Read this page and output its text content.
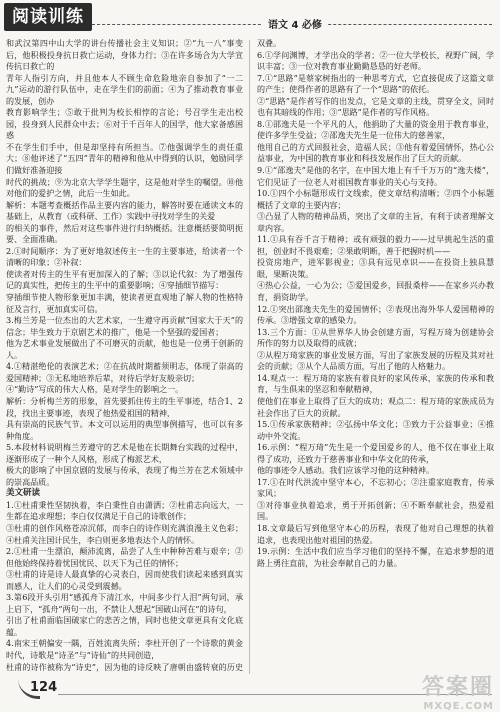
阅读训练	语文 4 必修

和武汉第四中山大学的讲台传播社会主义知识；②“九一八”事变后，他积极投身抗日救亡运动，身体力行；③在许多场合为大学宣传抗日救亡的

青年人指引方向，并且他本人不顾生命危险地亲自参加了“一二九”运动的游行队伍中，走在学生们的前面；④为了推动教育事业的发展，创办

教育影响学生；⑤敢于批判为校长相悖的言论；号召学生走出校园，投身到人民群众中去；⑥对于千百年人的国学，他大家备感困惑

不在学生们手中，但是却坚持有所担当。⑦他强调学生的责任重大；⑧他评述了“五四”青年的精神和他从中得到的认识，勉励同学们做好准备迎接

时代的挑战；⑨为北京大学学生题字，这是他对学生的嘱望。⑩他对他们的爱护之情，此后一生如此。

解析：本题考查概括作品主要内容的能力，解答时要在通读文本的基础上，从教育（或科研、工作）实践中寻找对学生的关爱

的相关的事件，然后对这些事件进行归纳概括。注意概括要简明扼要、全面准确。

2.①时间顺序：为了更好地叙述传主一生的主要事迹，给读者一个清晰的印象；②补叙：

使读者对传主的生平有更加深入的了解；③以论代叙：为了增强传记的真实性，把传主的生平中的重要影响；④穿插细节描写：

穿插细节使人物形象更加丰满，使读者更直观地了解人物的性格特征及言行，更加真实可信。

3.梅兰芳是一位杰出的大艺术家，一生遵守再贡献“国家大于天”的信念；毕生致力于京剧艺术的推广，他是一个坚强的爱国者；

他为艺术事业发展做出了不可磨灭的贡献，他也是一位勇于创新的人。

4.①精湛绝伦的表演艺术；②在抗战时期蓄须明志，体现了崇高的爱国精神；③无私地培养后辈，对待后学好友般亲切；

④“勤诗”写成的伟大人格，是对学生的影响之一。

解析：分析梅兰芳的形象，首先要抓住传主的生平事迹，结合1、2段，找出主要事迹，表现了他热爱祖国的精神，

具有崇高的民族气节。本文可以运用的典型事例描写，也可以有多种角度。

5.本段材料说明梅兰芳遵守的艺术是他在长期舞台实践的过程中，逐渐形成了一种个人风格，形成了梅派艺术，

极大的影响了中国京剧的发展与传承，表现了梅兰芳在艺术领域中的崇高品质。

美文研读

1.①杜甫秉性坚韧执着，李白秉性自由潇洒；②杜甫志向远大，一生都在追求理想；李白仅仅满足于自己的诗歌创作；

③杜甫的创作风格苍凉沉郁，而李白的诗作则充满浪漫主义色彩；④杜甫关注国计民生，李白则更多地表达个人的情怀。

2.①杜甫一生漂泊，颠沛流离，品尝了人生中种种苦难与艰辛；②但他始终保持着忧国忧民、以天下为己任的情怀；

③杜甫的诗是诗人最真挚的心灵表白，因而使我们读起来感到真实而感人，让人们的心灵受到震撼。

3.第6段开头引用“感孤舟下清江水，中间多少行人泪”两句词，承上启下，“孤舟”两句一出，不禁让人想起“国破山河在”的诗句，

引出了杜甫面临国破家亡的悲苦之情，同时也使文章更具有文化底蕴。

4.南宋王朝偏安一隅，百姓流离失所；李杜开创了一个诗歌的黄金时代，诗歌是“诗圣”与“诗仙”的共同创造，

杜甫的诗作被称为“诗史”，因为他的诗反映了唐朝由盛转衰的历史

双叠。

6.①学问渊博，才学出众的学者；②一位大学校长，视野广阔，学识丰富；③一位对教育事业勤勤恳恳的好老师。

7.①“思路”是蔡家树指出的一种思考方式，它直接促成了这篇文章的产生；使得作者的思路有了一个“思路”的依托。

②“思路”是作者写作的出发点，它是文章的主线，贯穿全文，同时也有其暗线的作用；③“思路”是作者的写作风格。

8.①邵逸夫是一个平凡的人，他捐助了大量的资金用于教育事业，使许多学生受益；②邵逸夫先生是一位伟大的慈善家，

他用自己的方式回报社会，造福人民；③他有着爱国情怀，热心公益事业，为中国的教育事业和科技发展作出了巨大的贡献。

9.①“邵逸夫”是他的名字，在中国大地上有千千万万的“逸夫楼”，它们见证了一位老人对祖国教育事业的关心与支持。

10.①四个小标题形成行文线索，使文章结构清晰；②四个小标题概括了文章的主要内容；

③凸显了人物的精神品质，突出了文章的主旨，有利于读者理解文章内容。

11.①具有吞千言于精神；或有顽强的毅力——过早挑起生活的重担，创业时不畏艰难；②果敢明断，善于把握时机——

投资房地产，进军影视业；③具有远见卓识——在投资上独具慧眼，果断决策。

④热心公益，一心为公；⑤爱国爱乡，回报桑梓——在家乡兴办教育，捐资助学。

12.①突出邵逸夫先生的爱国情怀；②表现出海外华人爱国精神的传承。③增强文章的感染力。

13.三个方面：①从世界华人协会创建方面，写程万琦为创建协会所作的努力以及取得的成就；

②从程万琦家族的事业发展方面，写出了家族发展的历程及其对社会的贡献；③从个人品质方面，写出了他的人格魅力。

14.观点一：程万琦的家族有着良好的家风传承，家族的传承和教育，与生俱来的坚忍和奉献精神，

使他们在事业上取得了巨大的成功；观点二：程万琦的家族成员为社会作出了巨大的贡献。

15.①传承家族精神；②弘扬中华文化；③致力于公益事业；④推动中外交流。

16.示例：“程万琦”先生是一个爱国爱乡的人，他不仅在事业上取得了成功，还致力于慈善事业和中华文化的传承，

他的事迹令人感动。我们应该学习他的这种精神。

17.①在时代洪流中坚守本心，不忘初心；②注重家庭教育，传承家风；

③对待事业执着追求，勇于开拓创新；④不断奉献社会，热爱祖国。

18.文章最后写到他坚守本心的历程，表现了他对自己理想的执着追求，也表现出他对祖国的热爱。

19.示例：生活中我们应当学习他们的坚持不懈，在追求梦想的道路上勇往直前，为社会奉献自己的力量。

124	答案圈
MXQE.COM
